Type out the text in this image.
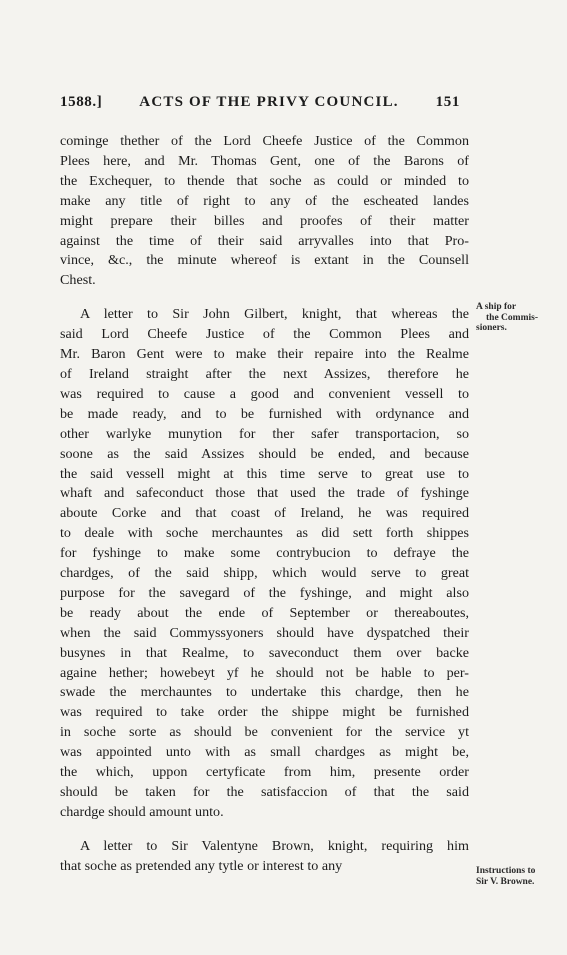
1588.] ACTS OF THE PRIVY COUNCIL. 151
cominge thether of the Lord Cheefe Justice of the Common
Plees here, and Mr. Thomas Gent, one of the Barons of
the Exchequer, to thende that soche as could or minded to
make any title of right to any of the escheated landes
might prepare their billes and proofes of their matter
against the time of their said arryvalles into that Pro-
vince, &c., the minute whereof is extant in the Counsell
Chest.
A letter to Sir John Gilbert, knight, that whereas the
said Lord Cheefe Justice of the Common Plees and
Mr. Baron Gent were to make their repaire into the Realme
of Ireland straight after the next Assizes, therefore he
was required to cause a good and convenient vessell to
be made ready, and to be furnished with ordynance and
other warlyke munytion for ther safer transportacion, so
soone as the said Assizes should be ended, and because
the said vessell might at this time serve to great use to
whaft and safeconduct those that used the trade of fyshinge
aboute Corke and that coast of Ireland, he was required
to deale with soche merchauntes as did sett forth shippes
for fyshinge to make some contrybucion to defraye the
chardges, of the said shipp, which would serve to great
purpose for the savegard of the fyshinge, and might also
be ready about the ende of September or thereaboutes,
when the said Commyssyoners should have dyspatched their
busynes in that Realme, to saveconduct them over backe
againe hether; howebeyt yf he should not be hable to per-
swade the merchauntes to undertake this chardge, then he
was required to take order the shippe might be furnished
in soche sorte as should be convenient for the service yt
was appointed unto with as small chardges as might be,
the which, uppon certyficate from him, presente order
should be taken for the satisfaccion of that the said
chardge should amount unto.
A letter to Sir Valentyne Brown, knight, requiring him
that soche as pretended any tytle or interest to any
A ship for
the Commis-
sioners.
Instructions to
Sir V. Browne.
